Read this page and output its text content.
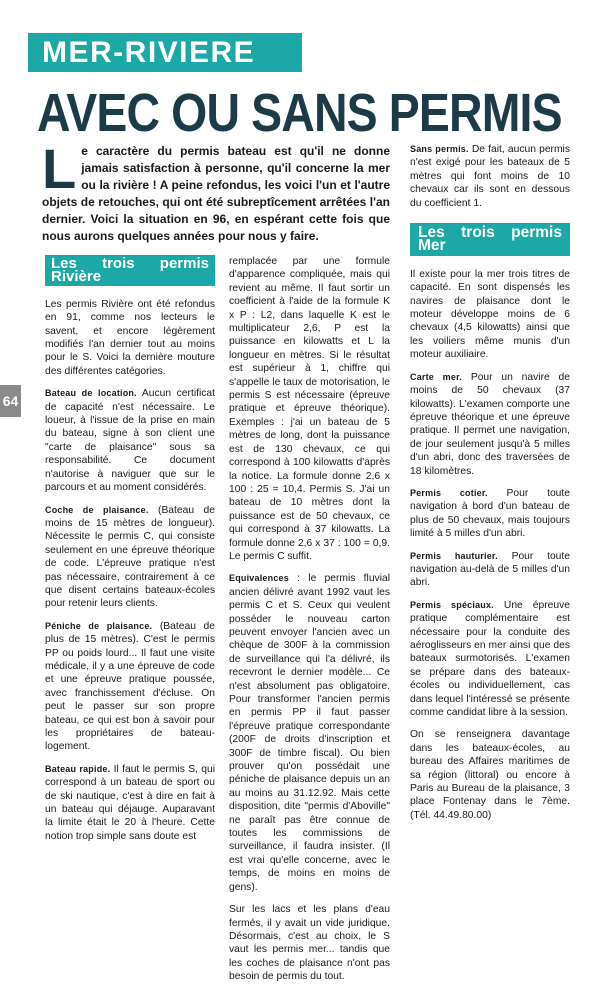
MER-RIVIERE
AVEC OU SANS PERMIS
Le caractère du permis bateau est qu'il ne donne jamais satisfaction à personne, qu'il concerne la mer ou la rivière ! A peine refondus, les voici l'un et l'autre objets de retouches, qui ont été subreptîcement arrêtées l'an dernier. Voici la situation en 96, en espérant cette fois que nous aurons quelques années pour nous y faire.
64
Les trois permis Rivière

Les permis Rivière ont été refondus en 91, comme nos lecteurs le savent, et encore légèrement modifiés l'an dernier tout au moins pour le S. Voici la dernière mouture des différentes catégories.

Bateau de location. Aucun certificat de capacité n'est nécessaire. Le loueur, à l'issue de la prise en main du bateau, signe à son client une "carte de plaisance" sous sa responsabilité. Ce document n'autorise à naviguer que sur le parcours et au moment considérés.

Coche de plaisance. (Bateau de moins de 15 mètres de longueur). Nécessite le permis C, qui consiste seulement en une épreuve théorique de code. L'épreuve pratique n'est pas nécessaire, contrairement à ce que disent certains bateaux-écoles pour retenir leurs clients.

Péniche de plaisance. (Bateau de plus de 15 mètres). C'est le permis PP ou poids lourd... Il faut une visite médicale, il y a une épreuve de code et une épreuve pratique poussée, avec franchissement d'écluse. On peut le passer sur son propre bateau, ce qui est bon à savoir pour les propriétaires de bateau-logement.

Bateau rapide. Il faut le permis S, qui correspond à un bateau de sport ou de ski nautique, c'est à dire en fait à un bateau qui déjauge. Auparavant la limite était le 20 à l'heure. Cette notion trop simple sans doute est

remplacée par une formule d'apparence compliquée, mais qui revient au même. Il faut sortir un coefficient à l'aide de la formule K x P : L2, dans laquelle K est le multiplicateur 2,6, P est la puissance en kilowatts et L la longueur en mètres. Si le résultat est supérieur à 1, chiffre qui s'appelle le taux de motorisation, le permis S est nécessaire (épreuve pratique et épreuve théorique). Exemples : j'ai un bateau de 5 mètres de long, dont la puissance est de 130 chevaux, ce qui correspond à 100 kilowatts d'après la notice. La formule donne 2,6 x 100 : 25 = 10,4. Permis S. J'ai un bateau de 10 mètres dont la puissance est de 50 chevaux, ce qui correspond à 37 kilowatts. La formule donne 2,6 x 37 : 100 = 0,9. Le permis C suffit.

Equivalences : le permis fluvial ancien délivré avant 1992 vaut les permis C et S. Ceux qui veulent posséder le nouveau carton peuvent envoyer l'ancien avec un chèque de 300F à la commission de surveillance qui l'a délivré, ils recevront le dernier modèle... Ce n'est absolument pas obligatoire. Pour transformer l'ancien permis en permis PP il faut passer l'épreuve pratique correspondante (200F de droits d'inscription et 300F de timbre fiscal). Ou bien prouver qu'on possédait une péniche de plaisance depuis un an au moins au 31.12.92. Mais cette disposition, dite "permis d'Aboville" ne paraît pas être connue de toutes les commissions de surveillance, il faudra insister. (Il est vrai qu'elle concerne, avec le temps, de moins en moins de gens).

Sur les lacs et les plans d'eau fermés, il y avait un vide juridique. Désormais, c'est au choix, le S vaut les permis mer... tandis que les coches de plaisance n'ont pas besoin de permis du tout.

Sans permis. De fait, aucun permis n'est exigé pour les bateaux de 5 mètres qui font moins de 10 chevaux car ils sont en dessous du coefficient 1.

Les trois permis Mer

Il existe pour la mer trois titres de capacité. En sont dispensés les navires de plaisance dont le moteur développe moins de 6 chevaux (4,5 kilowatts) ainsi que les voiliers même munis d'un moteur auxiliaire.

Carte mer. Pour un navire de moins de 50 chevaux (37 kilowatts). L'examen comporte une épreuve théorique et une épreuve pratique. Il permet une navigation, de jour seulement jusqu'à 5 milles d'un abri, donc des traversées de 18 kilomètres.

Permis cotier. Pour toute navigation à bord d'un bateau de plus de 50 chevaux, mais toujours limité à 5 milles d'un abri.

Permis hauturier. Pour toute navigation au-delà de 5 milles d'un abri.

Permis spéciaux. Une épreuve pratique complémentaire est nécessaire pour la conduite des aéroglisseurs en mer ainsi que des bateaux surmotorisés. L'examen se prépare dans des bateaux-écoles ou individuellement, cas dans lequel l'intéressé se présente comme candidat libre à la session.

On se renseignera davantage dans les bateaux-écoles, au bureau des Affaires maritimes de sa région (littoral) ou encore à Paris au Bureau de la plaisance, 3 place Fontenay dans le 7ème. (Tél. 44.49.80.00)
